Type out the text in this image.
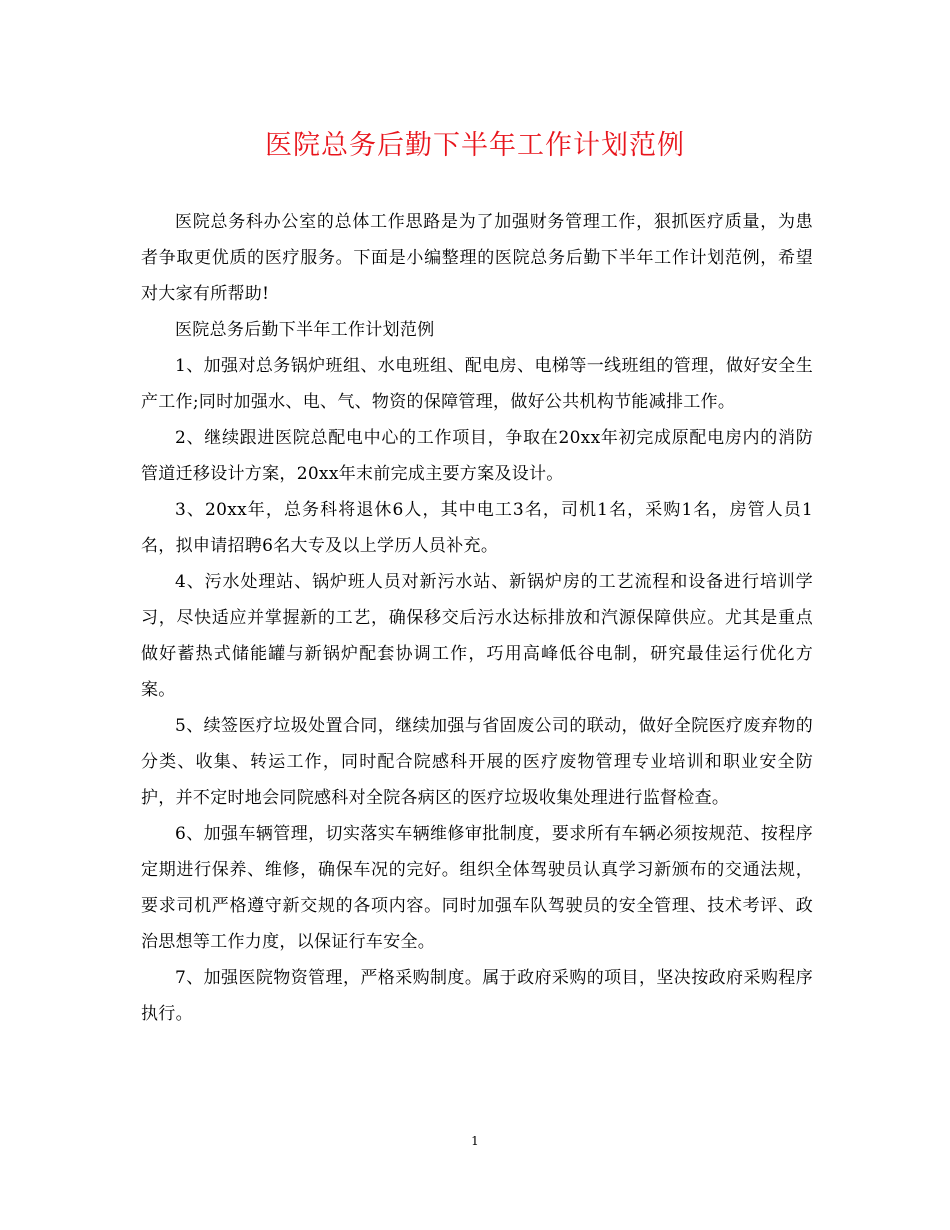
医院总务后勤下半年工作计划范例

医院总务科办公室的总体工作思路是为了加强财务管理工作，狠抓医疗质量，为患者争取更优质的医疗服务。下面是小编整理的医院总务后勤下半年工作计划范例，希望对大家有所帮助!

医院总务后勤下半年工作计划范例

1、加强对总务锅炉班组、水电班组、配电房、电梯等一线班组的管理，做好安全生产工作;同时加强水、电、气、物资的保障管理，做好公共机构节能减排工作。

2、继续跟进医院总配电中心的工作项目，争取在20xx年初完成原配电房内的消防管道迁移设计方案，20xx年末前完成主要方案及设计。

3、20xx年，总务科将退休6人，其中电工3名，司机1名，采购1名，房管人员1名，拟申请招聘6名大专及以上学历人员补充。

4、污水处理站、锅炉班人员对新污水站、新锅炉房的工艺流程和设备进行培训学习，尽快适应并掌握新的工艺，确保移交后污水达标排放和汽源保障供应。尤其是重点做好蓄热式储能罐与新锅炉配套协调工作，巧用高峰低谷电制，研究最佳运行优化方案。

5、续签医疗垃圾处置合同，继续加强与省固废公司的联动，做好全院医疗废弃物的分类、收集、转运工作，同时配合院感科开展的医疗废物管理专业培训和职业安全防护，并不定时地会同院感科对全院各病区的医疗垃圾收集处理进行监督检查。

6、加强车辆管理，切实落实车辆维修审批制度，要求所有车辆必须按规范、按程序定期进行保养、维修，确保车况的完好。组织全体驾驶员认真学习新颁布的交通法规，要求司机严格遵守新交规的各项内容。同时加强车队驾驶员的安全管理、技术考评、政治思想等工作力度，以保证行车安全。

7、加强医院物资管理，严格采购制度。属于政府采购的项目，坚决按政府采购程序执行。

1
